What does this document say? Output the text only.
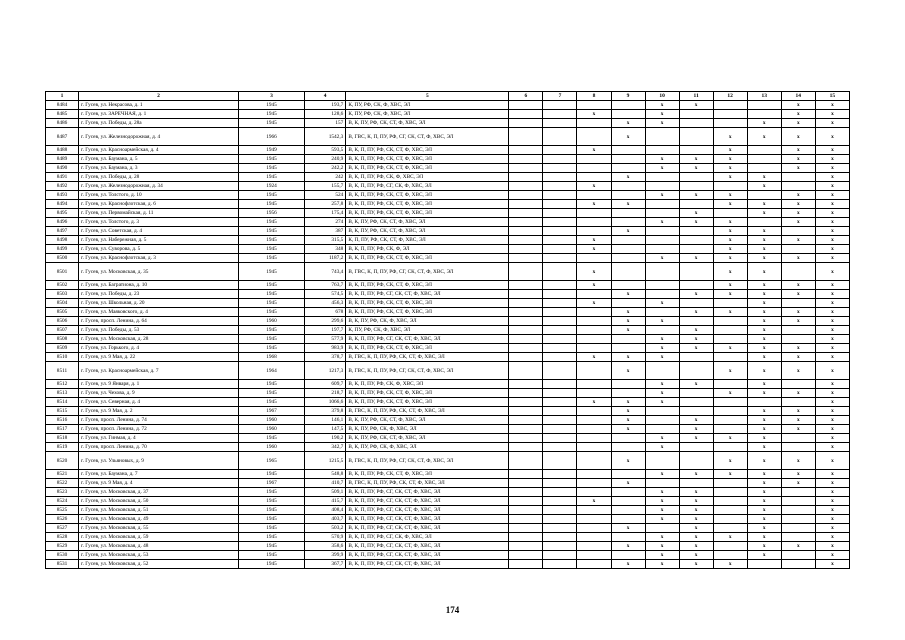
1	2	3	4	5	6	7	8	9	10	11	12	13	14	15
8484	г. Гусев, ул. Некрасова, д. 1	1945	193,7	К, ПУ, РФ, СК, Ф, ХВС, ЭЛ					x	x			x	x
8485	г. Гусев, ул. ЗАРЕЧНАЯ, д. 1	1945	128,6	К, ПУ, РФ, СК, Ф, ХВС, ЭЛ			x		x				x	x
8486	г. Гусев, ул. Победы, д. 28а	1945	157	В, К, ПУ, РФ, СК, СТ, Ф, ХВС, ЭЛ				x	x			x	x	x
8487	г. Гусев, ул. Железнодорожная, д. 4	1966	1542,3	В, ГВС, К, П, ПУ, РФ, СГ, СК, СТ, Ф, ХВС, ЭЛ				x			x	x	x	x
8488	г. Гусев, ул. Красноармейская, д. 4	1949	593,5	В, К, П, ПУ, РФ, СК, СТ, Ф, ХВС, ЭЛ			x				x		x	x
8489	г. Гусев, ул. Баумана, д. 5	1945	240,9	В, К, П, ПУ, РФ, СК, СТ, Ф, ХВС, ЭЛ					x	x	x		x	x
8490	г. Гусев, ул. Баумана, д. 3	1945	242,2	В, К, П, ПУ, РФ, СК, СТ, Ф, ХВС, ЭЛ					x	x	x		x	x
8491	г. Гусев, ул. Победы, д. 28	1945	242	В, К, П, ПУ, РФ, СК, Ф, ХВС, ЭЛ				x			x	x		x
8492	г. Гусев, ул. Железнодорожная, д. 34	1924	155,7	В, К, П, ПУ, РФ, СГ, СК, Ф, ХВС, ЭЛ			x					x		x
8493	г. Гусев, ул. Толстого, д. 10	1945	524	В, К, П, ПУ, РФ, СК, СТ, Ф, ХВС, ЭЛ					x	x	x		x	x
8494	г. Гусев, ул. Краснофлотская, д. 6	1945	257,8	В, К, П, ПУ, РФ, СК, СТ, Ф, ХВС, ЭЛ			x	x			x	x	x	x
8495	г. Гусев, ул. Первомайская, д. 11	1956	175,4	В, К, П, ПУ, РФ, СК, СТ, Ф, ХВС, ЭЛ						x		x	x	x
8496	г. Гусев, ул. Толстого, д. 3	1945	274	В, К, ПУ, РФ, СК, СТ, Ф, ХВС, ЭЛ					x	x	x		x	x
8497	г. Гусев, ул. Советская, д. 4	1945	387	В, К, ПУ, РФ, СК, СТ, Ф, ХВС, ЭЛ				x			x	x		x
8498	г. Гусев, ул. Набережная, д. 5	1945	315,5	К, П, ПУ, РФ, СК, СТ, Ф, ХВС, ЭЛ			x				x	x	x	x
8499	г. Гусев, ул. Суворова, д. 5	1945	348	В, К, П, ПУ, РФ, СК, Ф, ЭЛ			x				x	x		x
8500	г. Гусев, ул. Краснофлотская, д. 3	1945	1187,2	В, К, П, ПУ, РФ, СК, СТ, Ф, ХВС, ЭЛ					x	x	x	x	x	x
8501	г. Гусев, ул. Московская, д. 35	1945	743,4	В, ГВС, К, П, ПУ, РФ, СГ, СК, СТ, Ф, ХВС, ЭЛ			x				x	x		x
8502	г. Гусев, ул. Багратиона, д. 10	1945	763,7	В, К, П, ПУ, РФ, СК, СТ, Ф, ХВС, ЭЛ			x				x	x	x	x
8503	г. Гусев, ул. Победы, д. 23	1945	574,5	В, К, П, ПУ, РФ, СГ, СК, СТ, Ф, ХВС, ЭЛ				x		x	x	x	x	x
8504	г. Гусев, ул. Школьная, д. 20	1945	456,3	В, К, П, ПУ, РФ, СК, СТ, Ф, ХВС, ЭЛ			x		x			x		x
8505	г. Гусев, ул. Маяковского, д. 4	1945	678	В, К, П, ПУ, РФ, СК, СТ, Ф, ХВС, ЭЛ				x		x	x	x	x	x
8506	г. Гусев, просп. Ленина, д. 64	1960	299,6	В, К, ПУ, РФ, СК, Ф, ХВС, ЭЛ				x	x			x	x	x
8507	г. Гусев, ул. Победы, д. 53	1945	197,7	К, ПУ, РФ, СК, Ф, ХВС, ЭЛ				x		x		x		x
8508	г. Гусев, ул. Московская, д. 28	1945	577,9	В, К, П, ПУ, РФ, СГ, СК, СТ, Ф, ХВС, ЭЛ					x	x		x		x
8509	г. Гусев, ул. Горького, д. 4	1945	983,9	В, К, П, ПУ, РФ, СК, СТ, Ф, ХВС, ЭЛ					x	x	x	x	x	x
8510	г. Гусев, ул. 9 Мая, д. 22	1968	378,7	В, ГВС, К, П, ПУ, РФ, СК, СТ, Ф, ХВС, ЭЛ			x	x	x			x	x	x
8511	г. Гусев, ул. Красноармейская, д. 7	1964	1217,3	В, ГВС, К, П, ПУ, РФ, СГ, СК, СТ, Ф, ХВС, ЭЛ				x			x	x	x	x
8512	г. Гусев, ул. 9 Января, д. 1	1945	609,7	В, К, П, ПУ, РФ, СК, Ф, ХВС, ЭЛ					x	x		x		x
8513	г. Гусев, ул. Чехова, д. 9	1945	218,7	В, К, П, ПУ, РФ, СК, СТ, Ф, ХВС, ЭЛ					x		x	x	x	x
8514	г. Гусев, ул. Северная, д. 4	1945	1066,6	В, К, П, ПУ, РФ, СК, СТ, Ф, ХВС, ЭЛ			x	x	x					x
8515	г. Гусев, ул. 9 Мая, д. 2	1967	379,8	В, ГВС, К, П, ПУ, РФ, СК, СТ, Ф, ХВС, ЭЛ				x				x	x	x
8516	г. Гусев, просп. Ленина, д. 74	1960	146,1	В, К, ПУ, РФ, СК, СТ, Ф, ХВС, ЭЛ				x		x		x	x	x
8517	г. Гусев, просп. Ленина, д. 72	1960	147,5	В, К, ПУ, РФ, СК, Ф, ХВС, ЭЛ				x		x		x	x	x
8518	г. Гусев, ул. Гинмая, д. 4	1945	190,2	В, К, ПУ, РФ, СК, СТ, Ф, ХВС, ЭЛ					x	x	x	x		x
8519	г. Гусев, просп. Ленина, д. 70	1960	342,7	В, К, ПУ, РФ, СК, Ф, ХВС, ЭЛ					x			x		x
8520	г. Гусев, ул. Ульяновых, д. 9	1965	1215,5	В, ГВС, К, П, ПУ, РФ, СГ, СК, СТ, Ф, ХВС, ЭЛ				x			x	x	x	x
8521	г. Гусев, ул. Баумана, д. 7	1945	548,8	В, К, П, ПУ, РФ, СК, СТ, Ф, ХВС, ЭЛ					x	x	x	x	x	x
8522	г. Гусев, ул. 9 Мая, д. 4	1967	410,7	В, ГВС, К, П, ПУ, РФ, СК, СТ, Ф, ХВС, ЭЛ				x				x	x	x
8523	г. Гусев, ул. Московская, д. 37	1945	509,1	В, К, П, ПУ, РФ, СГ, СК, СТ, Ф, ХВС, ЭЛ					x	x		x		x
8524	г. Гусев, ул. Московская, д. 50	1945	415,7	В, К, П, ПУ, РФ, СГ, СК, СТ, Ф, ХВС, ЭЛ			x		x	x		x		x
8525	г. Гусев, ул. Московская, д. 51	1945	408,4	В, К, П, ПУ, РФ, СГ, СК, СТ, Ф, ХВС, ЭЛ					x	x		x		x
8526	г. Гусев, ул. Московская, д. 49	1945	403,7	В, К, П, ПУ, РФ, СГ, СК, СТ, Ф, ХВС, ЭЛ					x	x		x		x
8527	г. Гусев, ул. Московская, д. 55	1945	503,2	В, К, П, ПУ, РФ, СГ, СК, СТ, Ф, ХВС, ЭЛ				x		x		x		x
8528	г. Гусев, ул. Московская, д. 59	1945	570,9	В, К, П, ПУ, РФ, СГ, СК, Ф, ХВС, ЭЛ					x	x	x	x		x
8529	г. Гусев, ул. Московская, д. 48	1945	358,6	В, К, П, ПУ, РФ, СГ, СК, СТ, Ф, ХВС, ЭЛ				x	x	x		x	x	x
8530	г. Гусев, ул. Московская, д. 53	1945	399,9	В, К, П, ПУ, РФ, СГ, СК, СТ, Ф, ХВС, ЭЛ					x	x		x		x
8531	г. Гусев, ул. Московская, д. 52	1945	367,7	В, К, П, ПУ, РФ, СГ, СК, СТ, Ф, ХВС, ЭЛ				x	x	x	x			x
174
